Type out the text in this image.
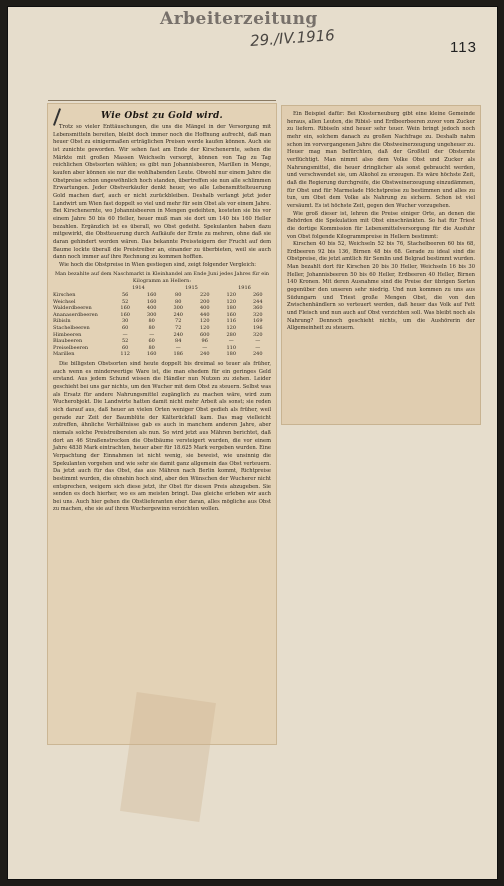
Arbeiterzeitung
29./IV.1916	113
Wie Obst zu Gold wird.

Trotz so vieler Enttäuschungen, die uns die Mängel in der Versorgung mit Lebensmitteln bereiten, bleibt doch immer noch die Hoffnung aufrecht, daß man heuer Obst zu einigermaßen erträglichen Preisen werde kaufen können. Auch sie ist zunichte geworden. Wir sehen fast am Ende der Kirschenernte, sehen die Märkte mit großen Massen Weichseln versorgt, können von Tag zu Tag reichlichen Obstsorten wählen; es gibt nun Johannisbeeren, Marillen in Menge, kaufen aber können sie nur die wohlhabenden Leute. Obwohl nur einem Jahre die Obstpreise schon ungewöhnlich hoch standen, übertreffen sie nun alle schlimmen Erwartungen. Jeder Obstverkäufer denkt heuer, wo alle Lebensmittelteuerung Gold machen darf, auch er nicht zurückbleiben. Deshalb verlangt jetzt jeder Landwirt um Wien fast doppelt so viel und mehr für sein Obst als vor einem Jahre. Bei Kirschenernte, wo Johannisbeeren in Mengen gedeihten, kosteten sie bis vor einem Jahre 50 bis 60 Heller, heuer muß man sie dort um 140 bis 160 Heller bezahlen. Ergänzlich ist es überall, wo Obst gedeiht. Spekulanten haben dazu mitgewirkt, die Obstteuerung durch Aufkäufe der Ernte zu mehren, ohne daß sie daran gehindert worden wären. Das bekannte Preissteigern der Frucht auf dem Baume lockte überall die Preistreiber an, einander zu überbieten, weil sie auch dann noch immer auf ihre Rechnung zu kommen hofften.

Wie hoch die Obstpreise in Wien gestiegen sind, zeigt folgender Vergleich:

Man bezahlte auf dem Naschmarkt in Kleinhandel am Ende Juni jedes Jahres für ein Kilogramm an Hellern:
1914	1915	1916
Kirschen	56	160	80	220	120	260
Weichsel	52	160	80	200	120	244
Walderdbeeren	160	400	300	400	180	360
Ananaserdbeeren	160	300	240	440	160	320
Ribisln	30	80	72	120	116	169
Stachelbeeren	60	80	72	120	120	196
Himbeeren	—	—	240	600	280	320
Blaubeeren	52	60	84	96	—	—
Preiselbeeren	60	80	—	—	110	—
Marillen	112	160	186	240	180	240

Die billigsten Obstsorten sind heute doppelt bis dreimal so teuer als früher, auch wenn es minderwertige Ware ist, die man ehedem für ein geringes Geld erstand. Aus jedem Schund wissen die Händler nun Nutzen zu ziehen. Leider geschieht bei uns gar nichts, um den Wucher mit dem Obst zu steuern. Selbst was als Ersatz für andere Nahrungsmittel zugänglich zu machen wäre, wird zum Wucherobjekt. Die Landwirte hatten damit nicht mehr Arbeit als sonst; sie reden sich darauf aus, daß heuer an vielen Orten weniger Obst gedieh als früher, weil gerade zur Zeit der Baumblüte der Kälterückfall kam. Das mag vielleicht zutreffen, ähnliche Verhältnisse gab es auch in manchem anderen Jahre, aber niemals solche Preistreibereien als nun. So wird jetzt aus Mähren berichtet, daß dort an 46 Straßenstrecken die Obstbäume versteigert wurden, die vor einem Jahre 4838 Mark eintrachten, heuer aber für 18.625 Mark vergeben wurden. Eine Verpachtung der Einnahmen ist nicht wenig, sie beweist, wie unsinnig die Spekulanten vorgehen und wie sehr sie damit ganz allgemein das Obst verteuern. Da jetzt auch für das Obst, das aus Mähren nach Berlin kommt, Richtpreise bestimmt wurden, die ohnehin hoch sind, aber den Wünschen der Wucherer nicht entsprechen, weigern sich diese jetzt, ihr Obst für diesen Preis abzugeben. Sie senden es doch hierher, wo es am meisten bringt. Das gleiche erleben wir auch bei uns. Auch hier gehen die Obstlieferanten eher daran, alles mögliche aus Obst zu machen, ehe sie auf ihren Wuchergewinn verzichten wollen.

Ein Beispiel dafür: Bei Klosterneuburg gibt eine kleine Gemeinde heraus, allen Leuten, die Ribisl- und Erdbeerbeeren zuvor vom Zucker zu liefern. Ribiseln sind heuer sehr teuer. Wein bringt jedoch noch mehr ein, solchem danach zu großen Nachfrage zu. Deshalb nahm schon im vorvergangenen Jahre die Obstweinerzeugung ungeheuer zu. Heuer mag man befürchten, daß der Großteil der Obsternte verflüchtigt. Man nimmt also dem Volke Obst und Zucker als Nahrungsmittel, die heuer dringlicher als sonst gebraucht werden, und verschwendet sie, um Alkohol zu erzeugen. Es wäre höchste Zeit, daß die Regierung durchgreife, die Obstweinerzeugung einzudämmen, für Obst und für Marmelade Höchstpreise zu bestimmen und alles zu tun, um Obst dem Volke als Nahrung zu sichern. Schon ist viel versäumt. Es ist höchste Zeit, gegen den Wucher vorzugehen.

Wie groß dieser ist, lehren die Preise einiger Orte, an denen die Behörden die Spekulation mit Obst einschränkten. So hat für Triest die dortige Kommission für Lebensmittelversorgung für die Ausfuhr von Obst folgende Kilogrammpreise in Hellern bestimmt:

Kirschen 40 bis 52, Weichseln 52 bis 76, Stachelbeeren 60 bis 68, Erdbeeren 92 bis 136, Birnen 48 bis 68. Gerade zu ideal sind die Obstpreise, die jetzt amtlich für Semlin und Belgrad bestimmt wurden. Man bezahlt dort für Kirschen 20 bis 30 Heller, Weichseln 16 bis 30 Heller, Johannisbeeren 50 bis 60 Heller, Erdbeeren 40 Heller, Birnen 140 Kronen. Mit deren Ausnahme sind die Preise der übrigen Sorten gegenüber den unseren sehr niedrig. Und nun kommen zu uns aus Südungarn und Triest große Mengen Obst, die von den Zwischenhändlern so verteuert werden, daß heuer das Volk auf Fett und Fleisch und nun auch auf Obst verzichten soll. Was bleibt noch als Nahrung? Dennoch geschieht nichts, um die Aushörerin der Allgemeinheit zu steuern.
